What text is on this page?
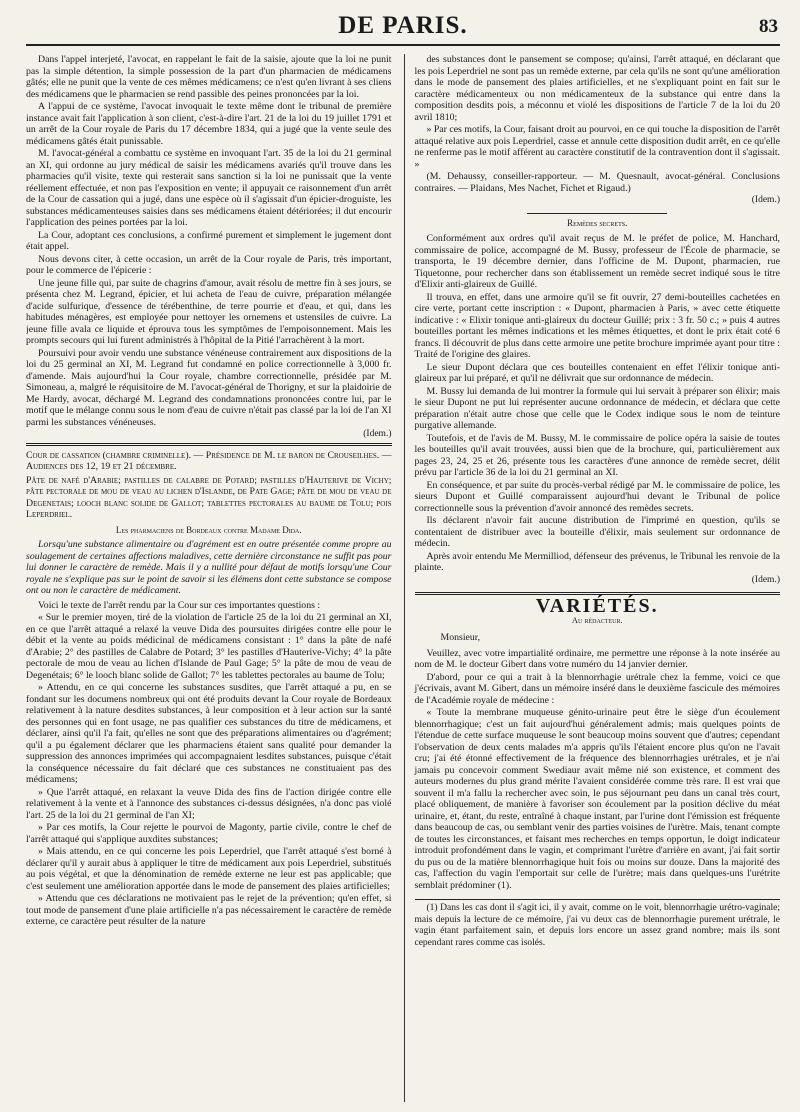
DE PARIS.	83

Dans l'appel interjeté, l'avocat, en rappelant le fait de la saisie, ajoute que la loi ne punit pas la simple détention, la simple possession de la part d'un pharmacien de médicamens gâtés; elle ne punit que la vente de ces mêmes médicamens; ce n'est qu'en livrant à ses cliens des médicamens que le pharmacien se rend passible des peines prononcées par la loi.

A l'appui de ce système, l'avocat invoquait le texte même dont le tribunal de première instance avait fait l'application à son client, c'est-à-dire l'art. 21 de la loi du 19 juillet 1791 et un arrêt de la Cour royale de Paris du 17 décembre 1834, qui a jugé que la vente seule des médicamens gâtés était punissable.

M. l'avocat-général a combattu ce système en invoquant l'art. 35 de la loi du 21 germinal an XI, qui ordonne au jury médical de saisir les médicamens avariés qu'il trouve dans les pharmacies qu'il visite, texte qui resterait sans sanction si la loi ne punissait que la vente réellement effectuée, et non pas l'exposition en vente; il appuyait ce raisonnement d'un arrêt de la Cour de cassation qui a jugé, dans une espèce où il s'agissait d'un épicier-droguiste, les substances médicamenteuses saisies dans ses médicamens étaient détériorées; il dut encourir l'application des peines portées par la loi.

La Cour, adoptant ces conclusions, a confirmé purement et simplement le jugement dont était appel.

Nous devons citer, à cette occasion, un arrêt de la Cour royale de Paris, très important, pour le commerce de l'épicerie :

Une jeune fille qui, par suite de chagrins d'amour, avait résolu de mettre fin à ses jours, se présenta chez M. Legrand, épicier, et lui acheta de l'eau de cuivre, préparation mélangée d'acide sulfurique, d'essence de térébenthine, de terre pourrie et d'eau, et qui, dans les habitudes ménagères, est employée pour nettoyer les ornemens et ustensiles de cuivre. La jeune fille avala ce liquide et éprouva tous les symptômes de l'empoisonnement. Mais les prompts secours qui lui furent administrés à l'hôpital de la Pitié l'arrachèrent à la mort.

Poursuivi pour avoir vendu une substance vénéneuse contrairement aux dispositions de la loi du 25 germinal an XI, M. Legrand fut condamné en police correctionnelle à 3,000 fr. d'amende. Mais aujourd'hui la Cour royale, chambre correctionnelle, présidée par M. Simoneau, a, malgré le réquisitoire de M. l'avocat-général de Thorigny, et sur la plaidoirie de Me Hardy, avocat, déchargé M. Legrand des condamnations prononcées contre lui, par le motif que le mélange connu sous le nom d'eau de cuivre n'était pas classé par la loi de l'an XI parmi les substances vénéneuses.

(Idem.)

Cour de cassation (chambre criminelle). — Présidence de M. le baron de Crouseilhes. — Audiences des 12, 19 et 21 décembre.

Pâte de nafé d'Arabie; pastilles de calabre de Potard; pastilles d'Hauterive de Vichy; pâte pectorale de mou de veau au lichen d'Islande, de Pate Gage; pâte de mou de veau de Degenetais; looch blanc solide de Gallot; tablettes pectorales au baume de Tolu; pois Leperdriel.

Les pharmaciens de Bordeaux contre Madame Dida.

Lorsqu'une substance alimentaire ou d'agrément est en outre présentée comme propre au soulagement de certaines affections maladives, cette dernière circonstance ne suffit pas pour lui donner le caractère de remède. Mais il y a nullité pour défaut de motifs lorsqu'une Cour royale ne s'explique pas sur le point de savoir si les élémens dont cette substance se compose ont ou non le caractère de médicament.

Voici le texte de l'arrêt rendu par la Cour sur ces importantes questions :

« Sur le premier moyen, tiré de la violation de l'article 25 de la loi du 21 germinal an XI, en ce que l'arrêt attaqué a relaxé la veuve Dida des poursuites dirigées contre elle pour le débit et la vente au poids médicinal de médicamens consistant : 1° dans la pâte de nafé d'Arabie; 2° des pastilles de Calabre de Potard; 3° les pastilles d'Hauterive-Vichy; 4° la pâte pectorale de mou de veau au lichen d'Islande de Paul Gage; 5° la pâte de mou de veau de Degenétais; 6° le looch blanc solide de Gallot; 7° les tablettes pectorales au baume de Tolu;

» Attendu, en ce qui concerne les substances susdites, que l'arrêt attaqué a pu, en se fondant sur les documens nombreux qui ont été produits devant la Cour royale de Bordeaux relativement à la nature desdites substances, à leur composition et à leur action sur la santé des personnes qui en font usage, ne pas qualifier ces substances du titre de médicamens, et déclarer, ainsi qu'il l'a fait, qu'elles ne sont que des préparations alimentaires ou d'agrément; qu'il a pu également déclarer que les pharmaciens étaient sans qualité pour demander la suppression des annonces imprimées qui accompagnaient lesdites substances, puisque c'était la conséquence nécessaire du fait déclaré que ces substances ne constituaient pas des médicamens;

» Que l'arrêt attaqué, en relaxant la veuve Dida des fins de l'action dirigée contre elle relativement à la vente et à l'annonce des substances ci-dessus désignées, n'a donc pas violé l'art. 25 de la loi du 21 germinal de l'an XI;

» Par ces motifs, la Cour rejette le pourvoi de Magonty, partie civile, contre le chef de l'arrêt attaqué qui s'applique auxdites substances;

» Mais attendu, en ce qui concerne les pois Leperdriel, que l'arrêt attaqué s'est borné à déclarer qu'il y aurait abus à appliquer le titre de médicament aux pois Leperdriel, substitués au pois végétal, et que la dénomination de remède externe ne leur est pas applicable; que c'est seulement une amélioration apportée dans le mode de pansement des plaies artificielles;

» Attendu que ces déclarations ne motivaient pas le rejet de la prévention; qu'en effet, si tout mode de pansement d'une plaie artificielle n'a pas nécessairement le caractère de remède externe, ce caractère peut résulter de la nature

des substances dont le pansement se compose; qu'ainsi, l'arrêt attaqué, en déclarant que les pois Leperdriel ne sont pas un remède externe, par cela qu'ils ne sont qu'une amélioration dans le mode de pansement des plaies artificielles, et ne s'expliquant point en fait sur le caractère médicamenteux ou non médicamenteux de la substance qui entre dans la composition desdits pois, a méconnu et violé les dispositions de l'article 7 de la loi du 20 avril 1810;

» Par ces motifs, la Cour, faisant droit au pourvoi, en ce qui touche la disposition de l'arrêt attaqué relative aux pois Leperdriel, casse et annule cette disposition dudit arrêt, en ce qu'elle ne renferme pas le motif afférent au caractère constitutif de la contravention dont il s'agissait. »

(M. Dehaussy, conseiller-rapporteur. — M. Quesnault, avocat-général. Conclusions contraires. — Plaidans, Mes Nachet, Fichet et Rigaud.)

(Idem.)
Remèdes secrets.

Conformément aux ordres qu'il avait reçus de M. le préfet de police, M. Hanchard, commissaire de police, accompagné de M. Bussy, professeur de l'École de pharmacie, se transporta, le 19 décembre dernier, dans l'officine de M. Dupont, pharmacien, rue Tiquetonne, pour rechercher dans son établissement un remède secret indiqué sous le titre d'Elixir anti-glaireux de Guillé.

Il trouva, en effet, dans une armoire qu'il se fit ouvrir, 27 demi-bouteilles cachetées en cire verte, portant cette inscription : « Dupont, pharmacien à Paris, » avec cette étiquette indicative : « Elixir tonique anti-glaireux du docteur Guillé; prix : 3 fr. 50 c.; » puis 4 autres bouteilles portant les mêmes indications et les mêmes étiquettes, et dont le prix était coté 6 francs. Il découvrit de plus dans cette armoire une petite brochure imprimée ayant pour titre : Traité de l'origine des glaires.

Le sieur Dupont déclara que ces bouteilles contenaient en effet l'élixir tonique anti-glaireux par lui préparé, et qu'il ne délivrait que sur ordonnance de médecin.

M. Bussy lui demanda de lui montrer la formule qui lui servait à préparer son élixir; mais le sieur Dupont ne put lui représenter aucune ordonnance de médecin, et déclara que cette préparation n'était autre chose que celle que le Codex indique sous le nom de teinture purgative allemande.

Toutefois, et de l'avis de M. Bussy, M. le commissaire de police opéra la saisie de toutes les bouteilles qu'il avait trouvées, aussi bien que de la brochure, qui, particulièrement aux pages 23, 24, 25 et 26, présente tous les caractères d'une annonce de remède secret, délit prévu par l'article 36 de la loi du 21 germinal an XI.

En conséquence, et par suite du procès-verbal rédigé par M. le commissaire de police, les sieurs Dupont et Guillé comparaissent aujourd'hui devant le Tribunal de police correctionnelle sous la prévention d'avoir annoncé des remèdes secrets.

Ils déclarent n'avoir fait aucune distribution de l'imprimé en question, qu'ils se contentaient de distribuer avec la bouteille d'élixir, mais seulement sur ordonnance de médecin.

Après avoir entendu Me Mermilliod, défenseur des prévenus, le Tribunal les renvoie de la plainte.

(Idem.)
VARIÉTÉS.
Au rédacteur.

Monsieur,

Veuillez, avec votre impartialité ordinaire, me permettre une réponse à la note insérée au nom de M. le docteur Gibert dans votre numéro du 14 janvier dernier.

D'abord, pour ce qui a trait à la blennorrhagie urétrale chez la femme, voici ce que j'écrivais, avant M. Gibert, dans un mémoire inséré dans le deuxième fascicule des mémoires de l'Académie royale de médecine :

« Toute la membrane muqueuse génito-urinaire peut être le siège d'un écoulement blennorrhagique; c'est un fait aujourd'hui généralement admis; mais quelques points de l'étendue de cette surface muqueuse le sont beaucoup moins souvent que d'autres; cependant l'observation de deux cents malades m'a appris qu'ils l'étaient encore plus qu'on ne l'avait cru; j'ai été étonné effectivement de la fréquence des blennorrhagies urétrales, et je n'ai jamais pu concevoir comment Swediaur avait même nié son existence, et comment des auteurs modernes du plus grand mérite l'avaient considérée comme très rare. Il est vrai que souvent il m'a fallu la rechercher avec soin, le pus séjournant peu dans un canal très court, placé obliquement, de manière à favoriser son écoulement par la position déclive du méat urinaire, et, étant, du reste, entraîné à chaque instant, par l'urine dont l'émission est fréquente dans beaucoup de cas, ou semblant venir des parties voisines de l'urètre. Mais, tenant compte de toutes les circonstances, et faisant mes recherches en temps opportun, le doigt indicateur introduit profondément dans le vagin, et comprimant l'urètre d'arrière en avant, j'ai fait sortir du pus ou de la matière blennorrhagique huit fois ou moins sur douze. Dans la majorité des cas, l'affection du vagin l'emportait sur celle de l'urètre; mais dans quelques-uns l'urétrite semblait prédominer (1).

(1) Dans les cas dont il s'agit ici, il y avait, comme on le voit, blennorrhagie urétro-vaginale; mais depuis la lecture de ce mémoire, j'ai vu deux cas de blennorrhagie purement urétrale, le vagin étant parfaitement sain, et depuis lors encore un assez grand nombre; mais ils sont cependant rares comme cas isolés.
